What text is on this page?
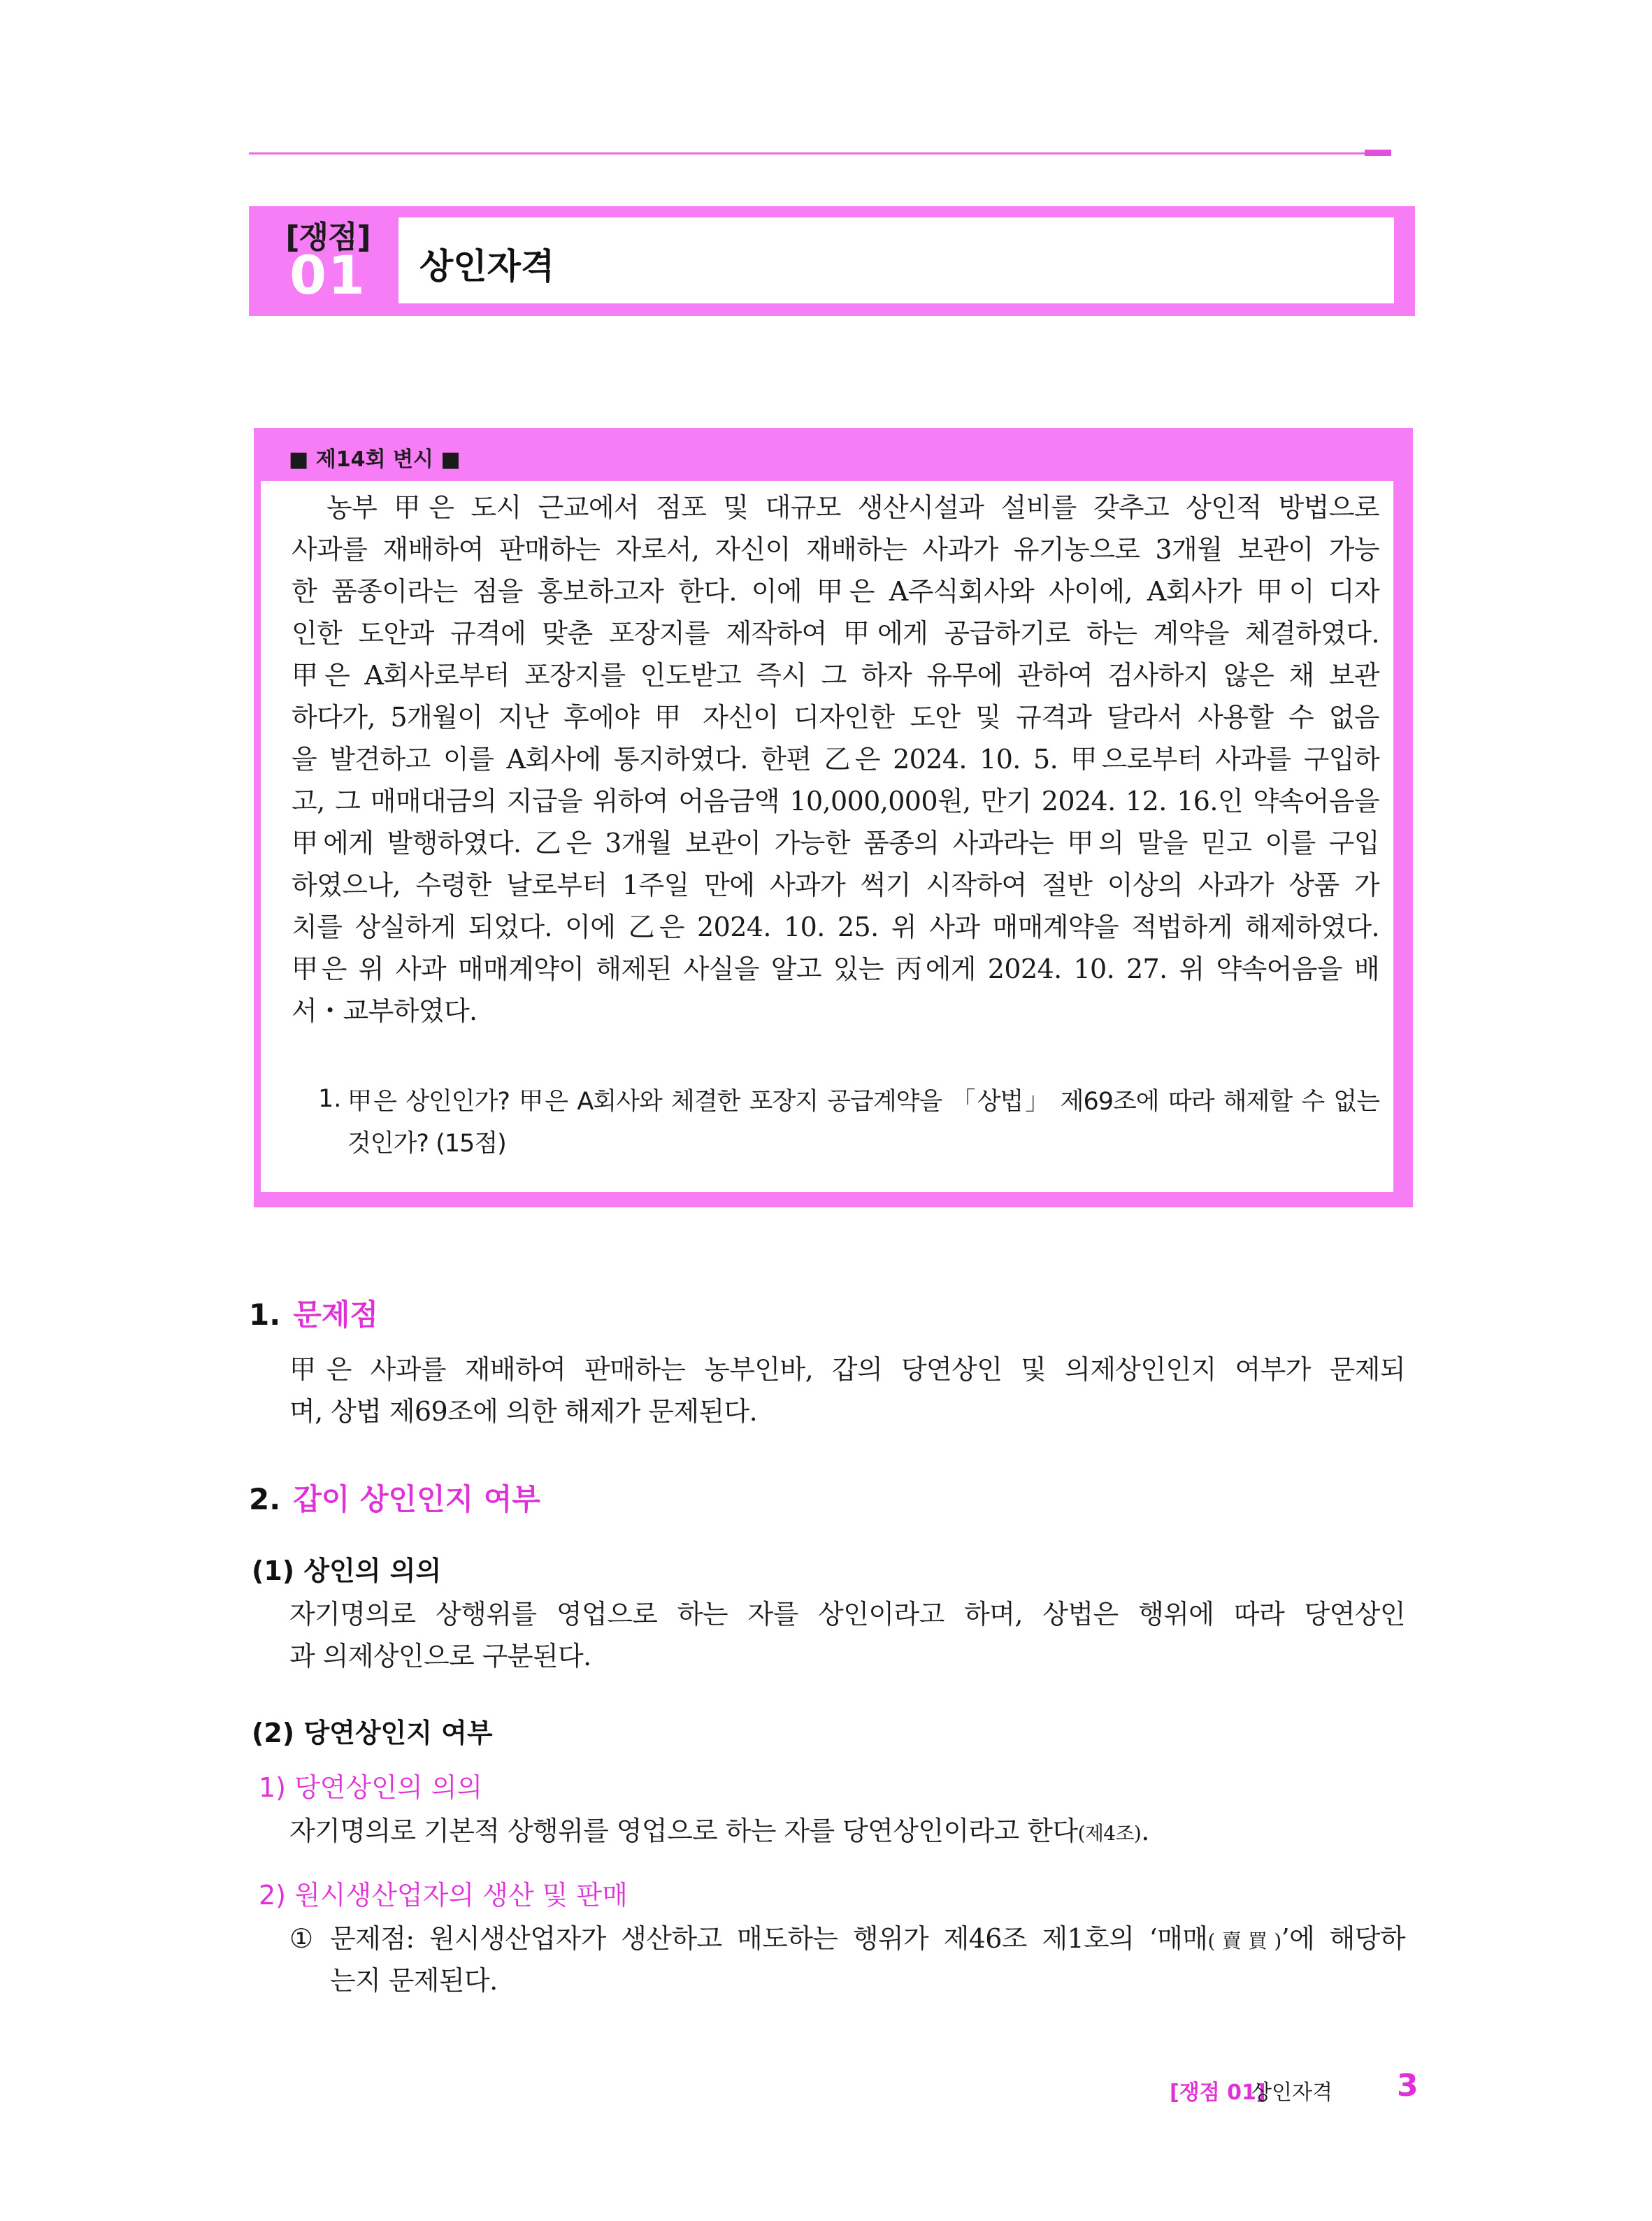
[쟁점]
01	상인자격
■ 제14회 변시 ■
　농부 甲은 도시 근교에서 점포 및 대규모 생산시설과 설비를 갖추고 상인적 방법으로
사과를 재배하여 판매하는 자로서, 자신이 재배하는 사과가 유기농으로 3개월 보관이 가능
한 품종이라는 점을 홍보하고자 한다. 이에 甲은 A주식회사와 사이에, A회사가 甲이 디자
인한 도안과 규격에 맞춘 포장지를 제작하여 甲에게 공급하기로 하는 계약을 체결하였다.
甲은 A회사로부터 포장지를 인도받고 즉시 그 하자 유무에 관하여 검사하지 않은 채 보관
하다가, 5개월이 지난 후에야 甲 자신이 디자인한 도안 및 규격과 달라서 사용할 수 없음
을 발견하고 이를 A회사에 통지하였다. 한편 乙은 2024. 10. 5. 甲으로부터 사과를 구입하
고, 그 매매대금의 지급을 위하여 어음금액 10,000,000원, 만기 2024. 12. 16.인 약속어음을
甲에게 발행하였다. 乙은 3개월 보관이 가능한 품종의 사과라는 甲의 말을 믿고 이를 구입
하였으나, 수령한 날로부터 1주일 만에 사과가 썩기 시작하여 절반 이상의 사과가 상품 가
치를 상실하게 되었다. 이에 乙은 2024. 10. 25. 위 사과 매매계약을 적법하게 해제하였다.
甲은 위 사과 매매계약이 해제된 사실을 알고 있는 丙에게 2024. 10. 27. 위 약속어음을 배
서・교부하였다.
1. 甲은 상인인가? 甲은 A회사와 체결한 포장지 공급계약을 「상법」 제69조에 따라 해제할 수 없는
것인가? (15점)
1. 문제점
甲은 사과를 재배하여 판매하는 농부인바, 갑의 당연상인 및 의제상인인지 여부가 문제되
며, 상법 제69조에 의한 해제가 문제된다.
2. 갑이 상인인지 여부
(1) 상인의 의의
자기명의로 상행위를 영업으로 하는 자를 상인이라고 하며, 상법은 행위에 따라 당연상인
과 의제상인으로 구분된다.
(2) 당연상인지 여부
1) 당연상인의 의의
자기명의로 기본적 상행위를 영업으로 하는 자를 당연상인이라고 한다(제4조).
2) 원시생산업자의 생산 및 판매
① 문제점: 원시생산업자가 생산하고 매도하는 행위가 제46조 제1호의 ‘매매(賣買)’에 해당하
는지 문제된다.
[쟁점 01]
상인자격 3
